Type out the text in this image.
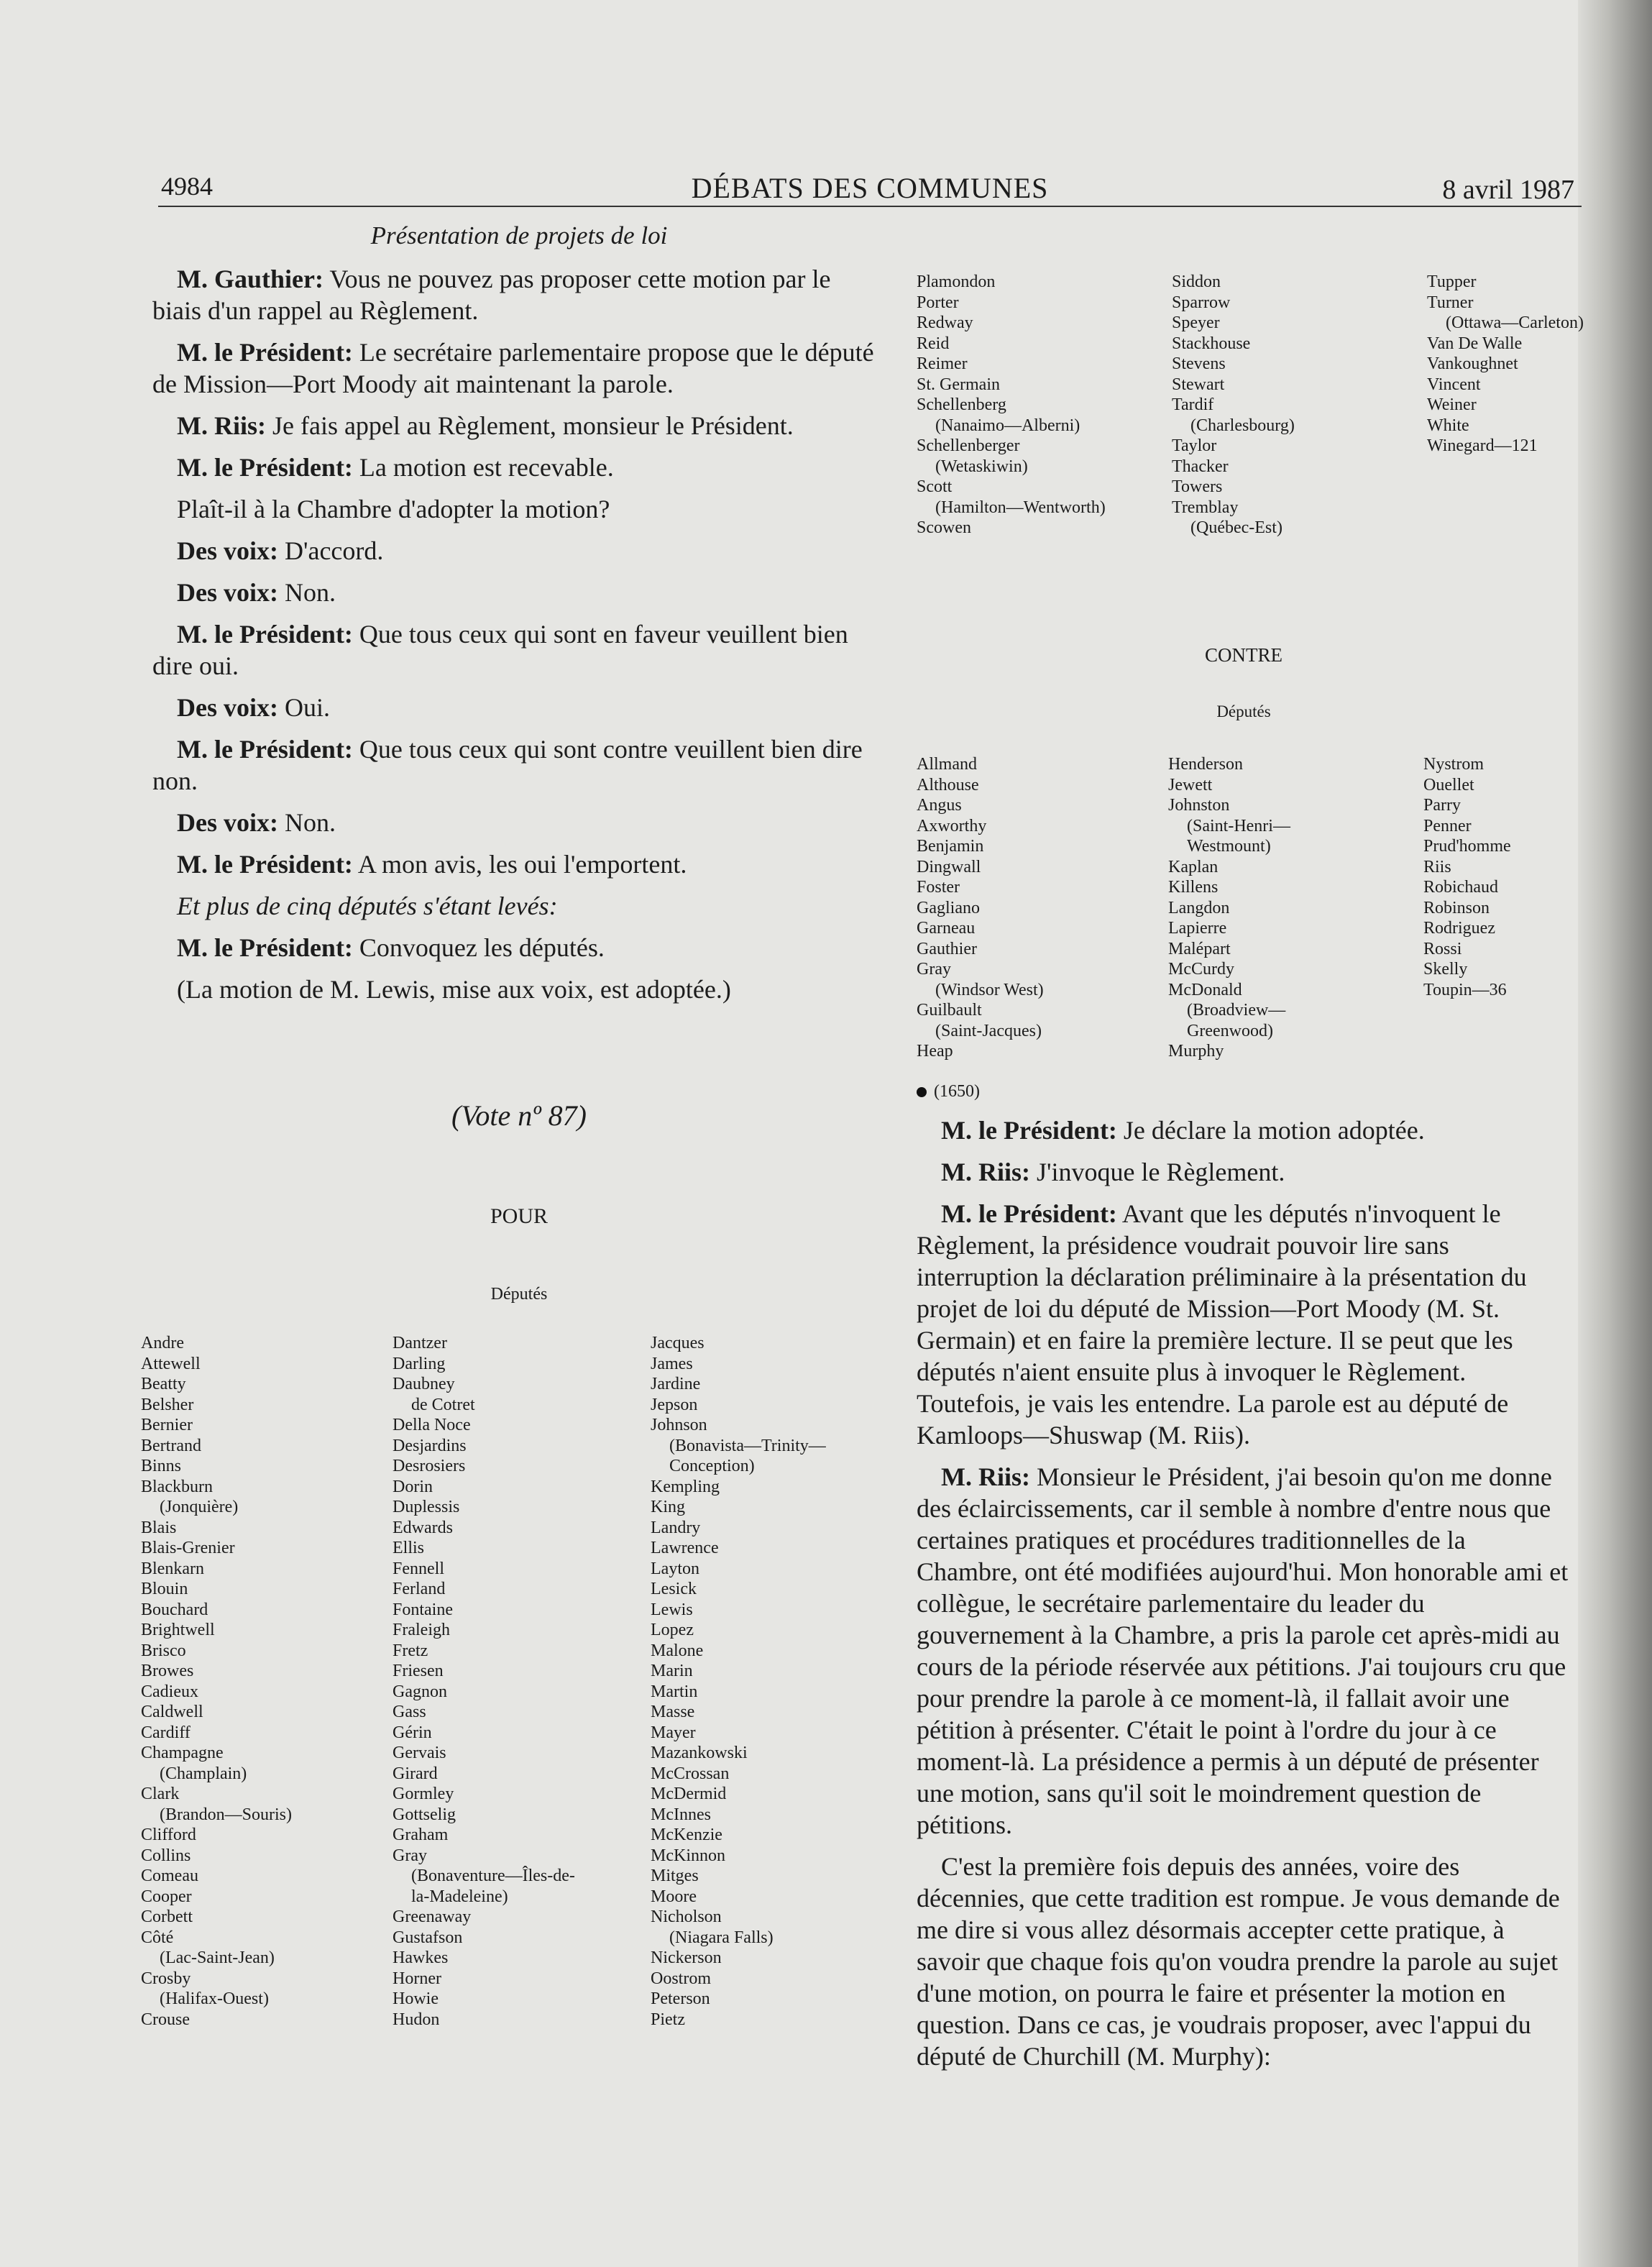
4984	DÉBATS DES COMMUNES	8 avril 1987
Présentation de projets de loi

M. Gauthier: Vous ne pouvez pas proposer cette motion par le biais d'un rappel au Règlement.

M. le Président: Le secrétaire parlementaire propose que le député de Mission—Port Moody ait maintenant la parole.

M. Riis: Je fais appel au Règlement, monsieur le Président.

M. le Président: La motion est recevable.

Plaît-il à la Chambre d'adopter la motion?

Des voix: D'accord.

Des voix: Non.

M. le Président: Que tous ceux qui sont en faveur veuillent bien dire oui.

Des voix: Oui.

M. le Président: Que tous ceux qui sont contre veuillent bien dire non.

Des voix: Non.

M. le Président: A mon avis, les oui l'emportent.

Et plus de cinq députés s'étant levés:

M. le Président: Convoquez les députés.

(La motion de M. Lewis, mise aux voix, est adoptée.)

(Vote nº 87)
POUR
Députés
Andre
Attewell
Beatty
Belsher
Bernier
Bertrand
Binns
Blackburn
(Jonquière)
Blais
Blais-Grenier
Blenkarn
Blouin
Bouchard
Brightwell
Brisco
Browes
Cadieux
Caldwell
Cardiff
Champagne
(Champlain)
Clark
(Brandon—Souris)
Clifford
Collins
Comeau
Cooper
Corbett
Côté
(Lac-Saint-Jean)
Crosby
(Halifax-Ouest)
Crouse
Dantzer
Darling
Daubney
de Cotret
Della Noce
Desjardins
Desrosiers
Dorin
Duplessis
Edwards
Ellis
Fennell
Ferland
Fontaine
Fraleigh
Fretz
Friesen
Gagnon
Gass
Gérin
Gervais
Girard
Gormley
Gottselig
Graham
Gray
(Bonaventure—Îles-de-
la-Madeleine)
Greenaway
Gustafson
Hawkes
Horner
Howie
Hudon
Jacques
James
Jardine
Jepson
Johnson
(Bonavista—Trinity—
Conception)
Kempling
King
Landry
Lawrence
Layton
Lesick
Lewis
Lopez
Malone
Marin
Martin
Masse
Mayer
Mazankowski
McCrossan
McDermid
McInnes
McKenzie
McKinnon
Mitges
Moore
Nicholson
(Niagara Falls)
Nickerson
Oostrom
Peterson
Pietz
Plamondon
Porter
Redway
Reid
Reimer
St. Germain
Schellenberg
(Nanaimo—Alberni)
Schellenberger
(Wetaskiwin)
Scott
(Hamilton—Wentworth)
Scowen
Siddon
Sparrow
Speyer
Stackhouse
Stevens
Stewart
Tardif
(Charlesbourg)
Taylor
Thacker
Towers
Tremblay
(Québec-Est)
Tupper
Turner
(Ottawa—Carleton)
Van De Walle
Vankoughnet
Vincent
Weiner
White
Winegard—121
CONTRE
Députés
Allmand
Althouse
Angus
Axworthy
Benjamin
Dingwall
Foster
Gagliano
Garneau
Gauthier
Gray
(Windsor West)
Guilbault
(Saint-Jacques)
Heap
Henderson
Jewett
Johnston
(Saint-Henri—
Westmount)
Kaplan
Killens
Langdon
Lapierre
Malépart
McCurdy
McDonald
(Broadview—
Greenwood)
Murphy
Nystrom
Ouellet
Parry
Penner
Prud'homme
Riis
Robichaud
Robinson
Rodriguez
Rossi
Skelly
Toupin—36
(1650)

M. le Président: Je déclare la motion adoptée.

M. Riis: J'invoque le Règlement.

M. le Président: Avant que les députés n'invoquent le Règlement, la présidence voudrait pouvoir lire sans interruption la déclaration préliminaire à la présentation du projet de loi du député de Mission—Port Moody (M. St. Germain) et en faire la première lecture. Il se peut que les députés n'aient ensuite plus à invoquer le Règlement. Toutefois, je vais les entendre. La parole est au député de Kamloops—Shuswap (M. Riis).

M. Riis: Monsieur le Président, j'ai besoin qu'on me donne des éclaircissements, car il semble à nombre d'entre nous que certaines pratiques et procédures traditionnelles de la Chambre, ont été modifiées aujourd'hui. Mon honorable ami et collègue, le secrétaire parlementaire du leader du gouvernement à la Chambre, a pris la parole cet après-midi au cours de la période réservée aux pétitions. J'ai toujours cru que pour prendre la parole à ce moment-là, il fallait avoir une pétition à présenter. C'était le point à l'ordre du jour à ce moment-là. La présidence a permis à un député de présenter une motion, sans qu'il soit le moindrement question de pétitions.

C'est la première fois depuis des années, voire des décennies, que cette tradition est rompue. Je vous demande de me dire si vous allez désormais accepter cette pratique, à savoir que chaque fois qu'on voudra prendre la parole au sujet d'une motion, on pourra le faire et présenter la motion en question. Dans ce cas, je voudrais proposer, avec l'appui du député de Churchill (M. Murphy):
